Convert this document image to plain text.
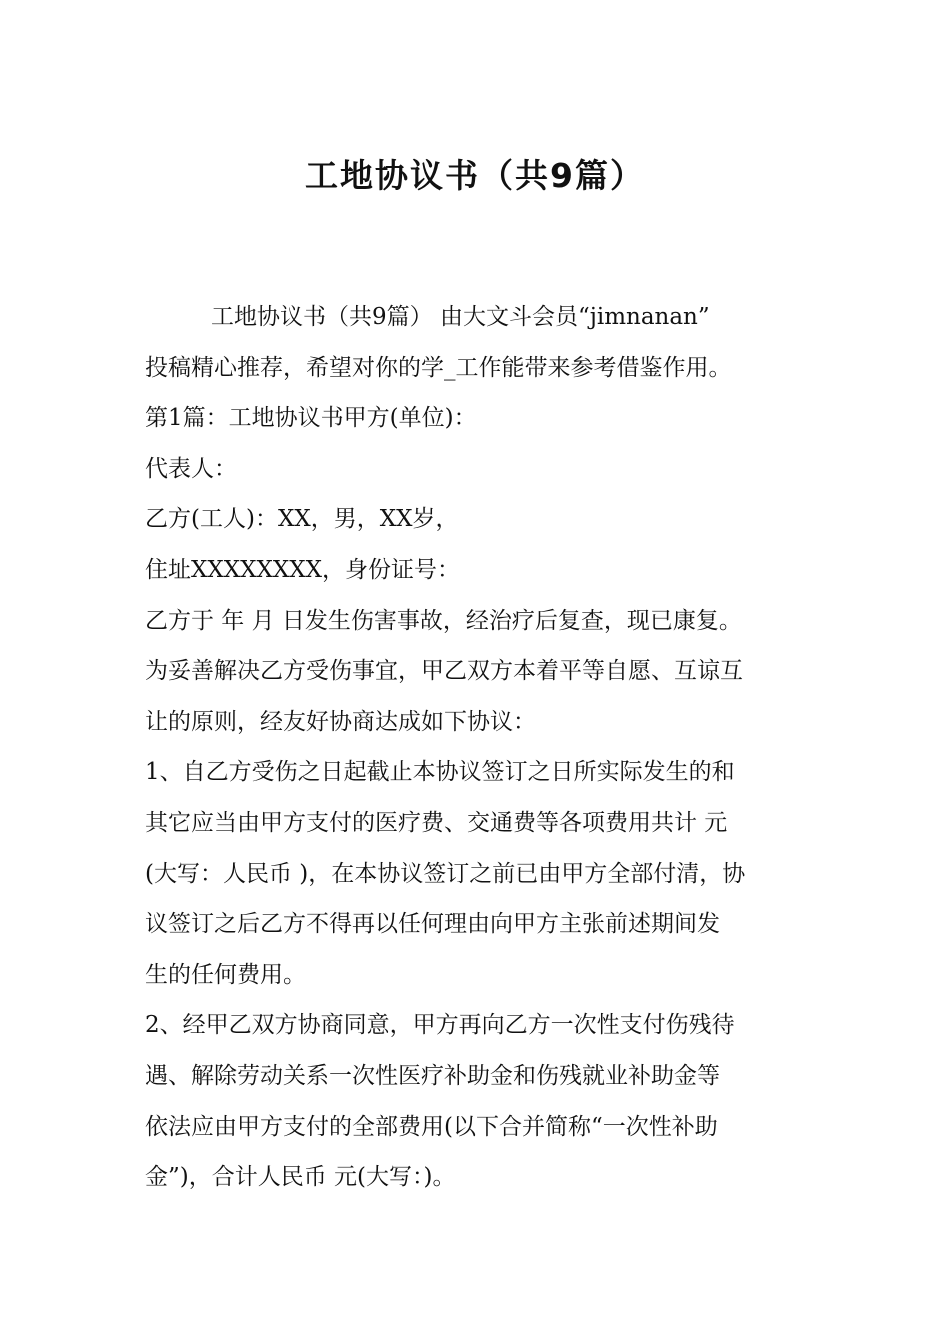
工地协议书（共9篇）
工地协议书（共9篇） 由大文斗会员“jimnanan”
投稿精心推荐，希望对你的学_工作能带来参考借鉴作用。
第1篇：工地协议书甲方(单位)：
代表人：
乙方(工人)：XX，男，XX岁，
住址XXXXXXXX，身份证号：
乙方于 年 月 日发生伤害事故，经治疗后复查，现已康复。
为妥善解决乙方受伤事宜，甲乙双方本着平等自愿、互谅互
让的原则，经友好协商达成如下协议：
1、自乙方受伤之日起截止本协议签订之日所实际发生的和
其它应当由甲方支付的医疗费、交通费等各项费用共计 元
(大写：人民币 )，在本协议签订之前已由甲方全部付清，协
议签订之后乙方不得再以任何理由向甲方主张前述期间发
生的任何费用。
2、经甲乙双方协商同意，甲方再向乙方一次性支付伤残待
遇、解除劳动关系一次性医疗补助金和伤残就业补助金等
依法应由甲方支付的全部费用(以下合并简称“一次性补助
金”)，合计人民币 元(大写：)。
